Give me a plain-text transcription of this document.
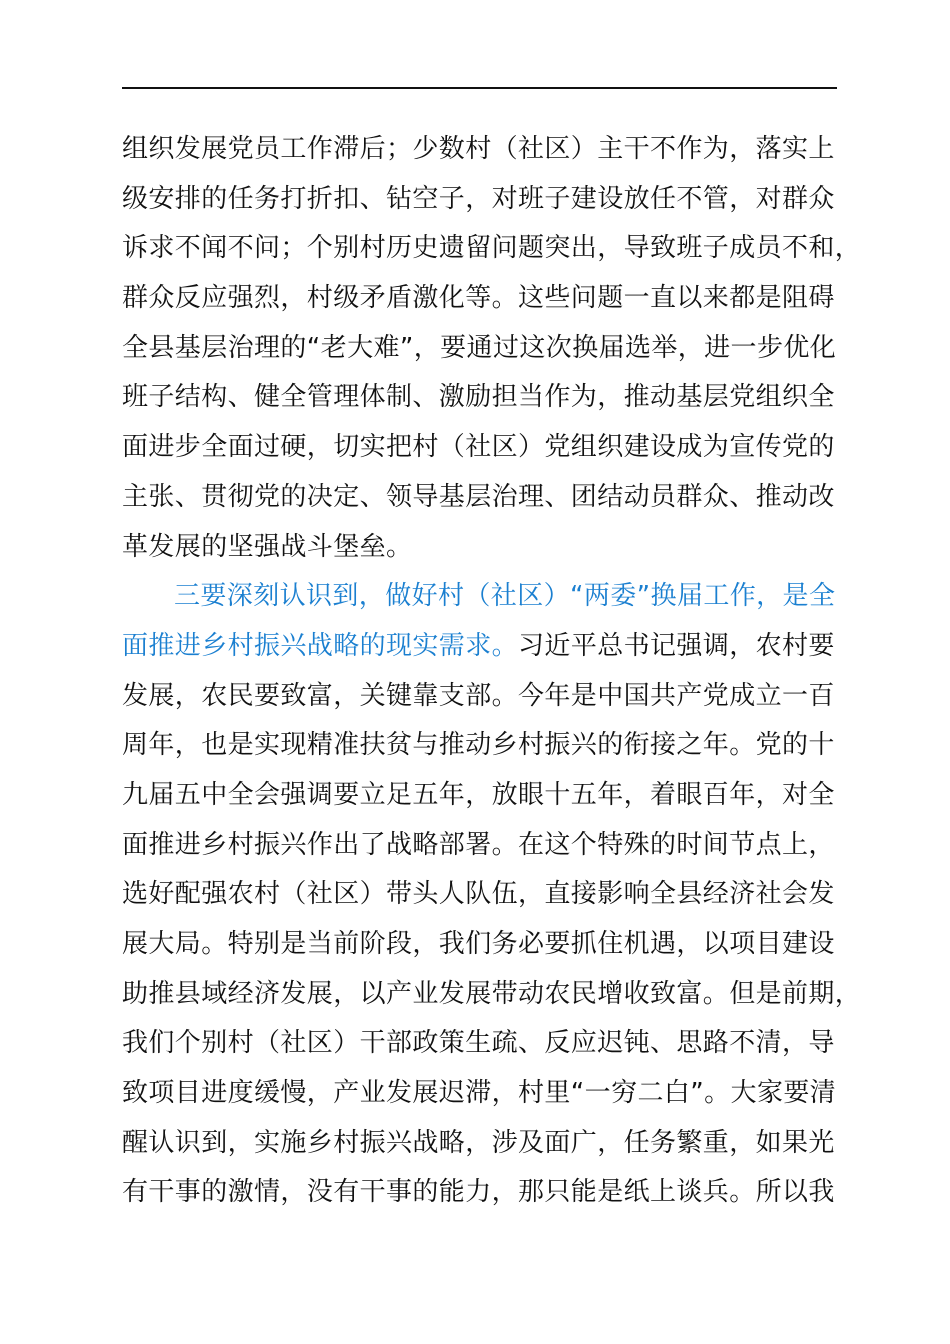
组织发展党员工作滞后；少数村（社区）主干不作为，落实上
级安排的任务打折扣、钻空子，对班子建设放任不管，对群众
诉求不闻不问；个别村历史遗留问题突出，导致班子成员不和，
群众反应强烈，村级矛盾激化等。这些问题一直以来都是阻碍
全县基层治理的“老大难”，要通过这次换届选举，进一步优化
班子结构、健全管理体制、激励担当作为，推动基层党组织全
面进步全面过硬，切实把村（社区）党组织建设成为宣传党的
主张、贯彻党的决定、领导基层治理、团结动员群众、推动改
革发展的坚强战斗堡垒。
三要深刻认识到，做好村（社区）“两委”换届工作，是全
面推进乡村振兴战略的现实需求。习近平总书记强调，农村要
发展，农民要致富，关键靠支部。今年是中国共产党成立一百
周年，也是实现精准扶贫与推动乡村振兴的衔接之年。党的十
九届五中全会强调要立足五年，放眼十五年，着眼百年，对全
面推进乡村振兴作出了战略部署。在这个特殊的时间节点上，
选好配强农村（社区）带头人队伍，直接影响全县经济社会发
展大局。特别是当前阶段，我们务必要抓住机遇，以项目建设
助推县域经济发展，以产业发展带动农民增收致富。但是前期，
我们个别村（社区）干部政策生疏、反应迟钝、思路不清，导
致项目进度缓慢，产业发展迟滞，村里“一穷二白”。大家要清
醒认识到，实施乡村振兴战略，涉及面广，任务繁重，如果光
有干事的激情，没有干事的能力，那只能是纸上谈兵。所以我
